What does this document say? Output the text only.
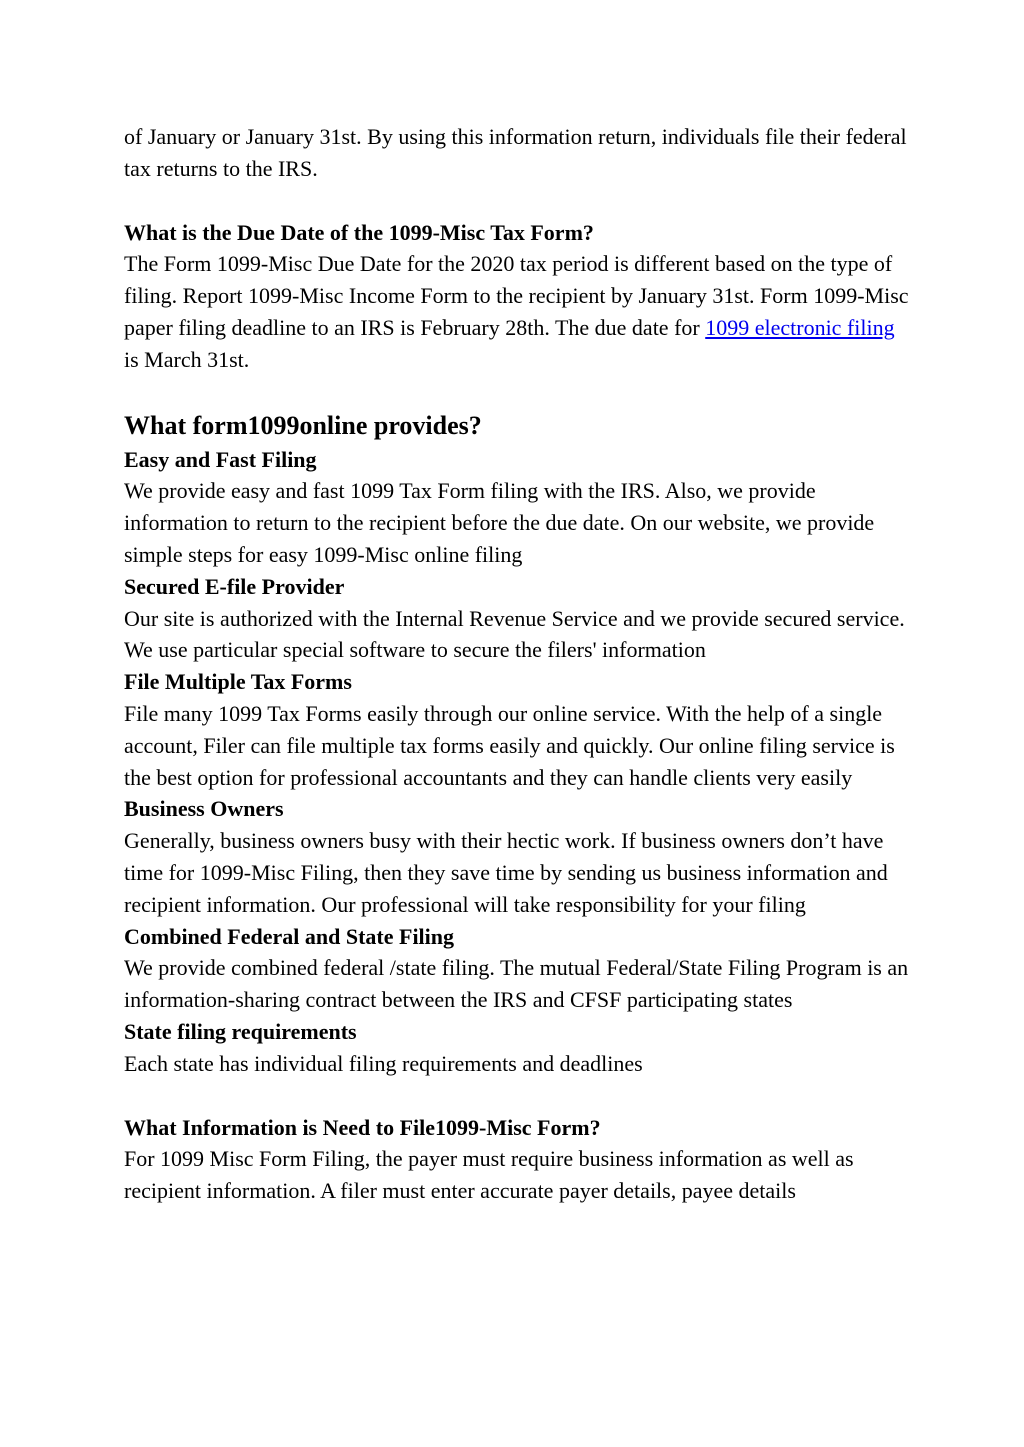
of January or January 31st. By using this information return, individuals file their federal tax returns to the IRS.

What is the Due Date of the 1099-Misc Tax Form?

The Form 1099-Misc Due Date for the 2020 tax period is different based on the type of filing. Report 1099-Misc Income Form to the recipient by January 31st. Form 1099-Misc paper filing deadline to an IRS is February 28th. The due date for 1099 electronic filing is March 31st.

What form1099online provides?

Easy and Fast Filing

We provide easy and fast 1099 Tax Form filing with the IRS. Also, we provide information to return to the recipient before the due date. On our website, we provide simple steps for easy 1099-Misc online filing

Secured E-file Provider

Our site is authorized with the Internal Revenue Service and we provide secured service. We use particular special software to secure the filers' information

File Multiple Tax Forms

File many 1099 Tax Forms easily through our online service. With the help of a single account, Filer can file multiple tax forms easily and quickly. Our online filing service is the best option for professional accountants and they can handle clients very easily

Business Owners

Generally, business owners busy with their hectic work. If business owners don’t have time for 1099-Misc Filing, then they save time by sending us business information and recipient information. Our professional will take responsibility for your filing

Combined Federal and State Filing

We provide combined federal /state filing. The mutual Federal/State Filing Program is an information-sharing contract between the IRS and CFSF participating states

State filing requirements

Each state has individual filing requirements and deadlines

What Information is Need to File1099-Misc Form?

For 1099 Misc Form Filing, the payer must require business information as well as recipient information. A filer must enter accurate payer details, payee details
